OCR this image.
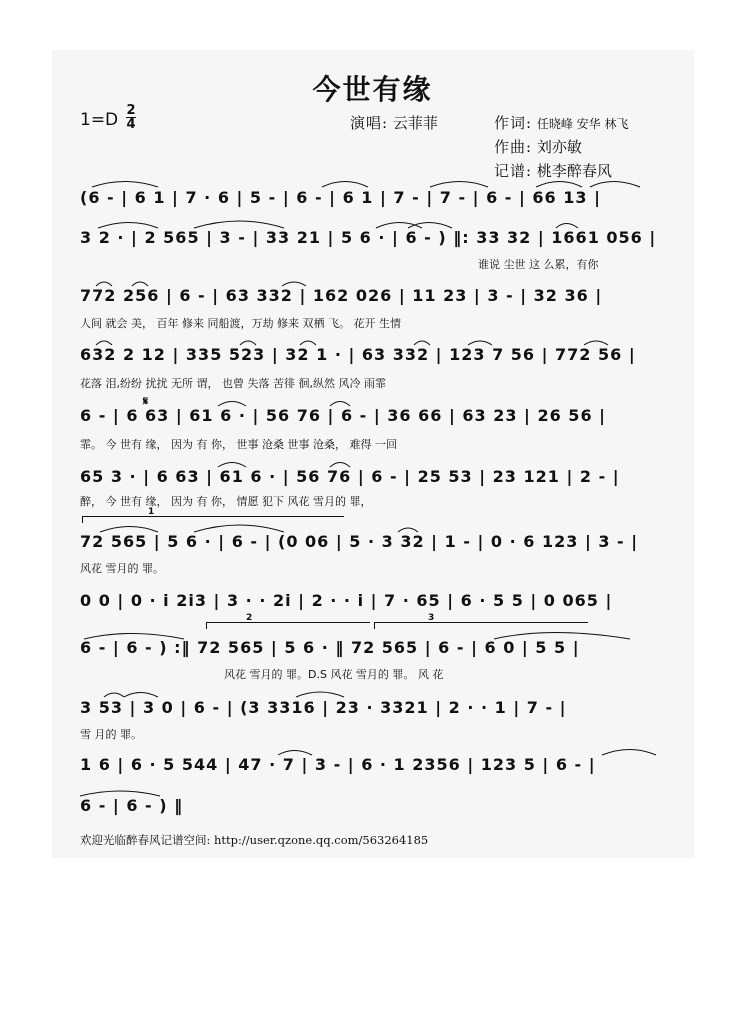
今世有缘
1=D 2
4	演唱: 云菲菲	作词: 任晓峰 安华 林飞
作曲: 刘亦敏
记谱: 桃李醉春风
(6 - | 6 1 | 7 · 6 | 5 - | 6 - | 6 1 | 7 - | 7 - | 6 - | 66 13 |
3 2 · | 2 565 | 3 - | 33 21 | 5 6 · | 6 - ) ‖: 33 32 | 1661 056 |
772 256 | 6 - | 63 332 | 162 026 | 11 23 | 3 - | 32 36 |
632 2 12 | 335 523 | 32 1 · | 63 332 | 123 7 56 | 772 56 |
6 - | 6 63 | 61 6 · | 56 76 | 6 - | 36 66 | 63 23 | 26 56 |
65 3 · | 6 63 | 61 6 · | 56 76 | 6 - | 25 53 | 23 121 | 2 - |
72 565 | 5 6 · | 6 - | (0 06 | 5 · 3 32 | 1 - | 0 · 6 123 | 3 - |
0 0 | 0 · i 2i3 | 3 · · 2i | 2 · · i | 7 · 65 | 6 · 5 5 | 0 065 |
6 - | 6 - ) :‖ 72 565 | 5 6 · ‖ 72 565 | 6 - | 6 0 | 5 5 |
3 53 | 3 0 | 6 - | (3 3316 | 23 · 3321 | 2 · · 1 | 7 - |
1 6 | 6 · 5 544 | 47 · 7 | 3 - | 6 · 1 2356 | 123 5 | 6 - |
6 - | 6 - ) ‖
谁说 尘世 这 么累，有你
人间 就会 美， 百年 修来 同船渡，万劫 修来 双栖 飞。 花开 生情
花落 泪,纷纷 扰扰 无所 谓， 也曾 失落 苦徘 徊,纵然 风冷 雨霏
霏。 今 世有 缘， 因为 有 你， 世事 沧桑 世事 沧桑， 难得 一回
醉， 今 世有 缘， 因为 有 你， 情愿 犯下 风花 雪月的 罪，
风花 雪月的 罪。
风花 雪月的 罪。D.S 风花 雪月的 罪。 风 花
雪 月的 罪。
1
2	3
𝄋
欢迎光临醉春风记谱空间: http://user.qzone.qq.com/563264185
